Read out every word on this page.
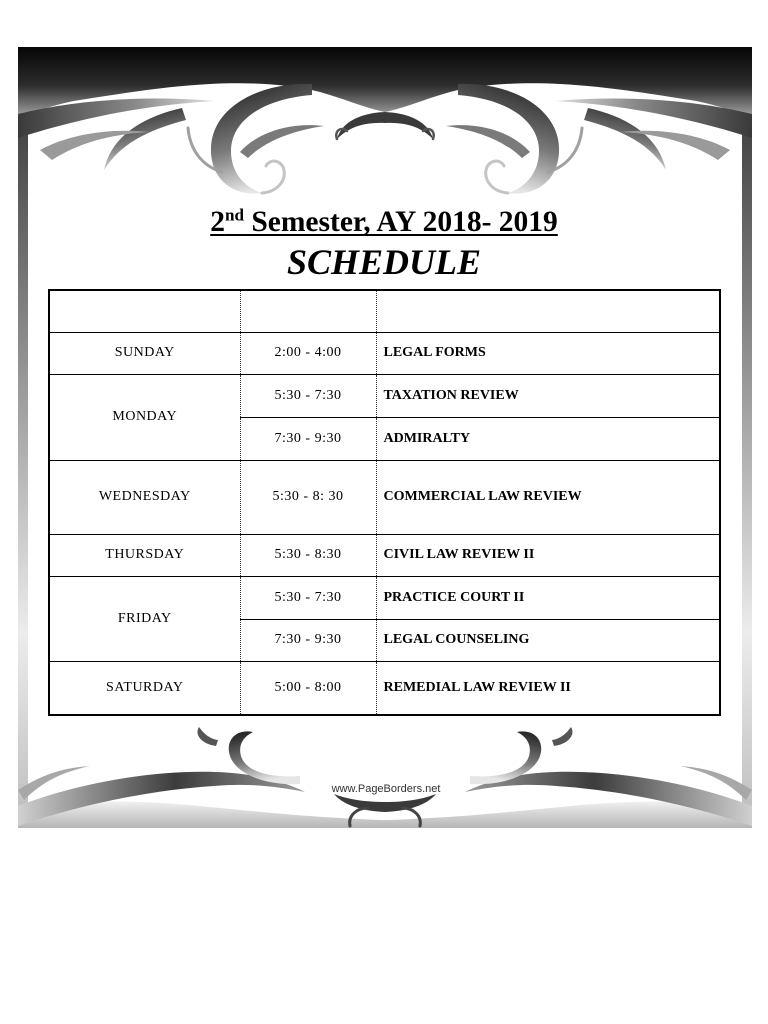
2nd Semester, AY 2018- 2019
SCHEDULE

SUNDAY	2:00 - 4:00	LEGAL FORMS
MONDAY	5:30 - 7:30	TAXATION REVIEW
	7:30 - 9:30	ADMIRALTY
WEDNESDAY	5:30 - 8: 30	COMMERCIAL LAW REVIEW
THURSDAY	5:30 - 8:30	CIVIL LAW REVIEW II
FRIDAY	5:30 - 7:30	PRACTICE COURT II
	7:30 - 9:30	LEGAL COUNSELING
SATURDAY	5:00 - 8:00	REMEDIAL LAW REVIEW II
www.PageBorders.net
